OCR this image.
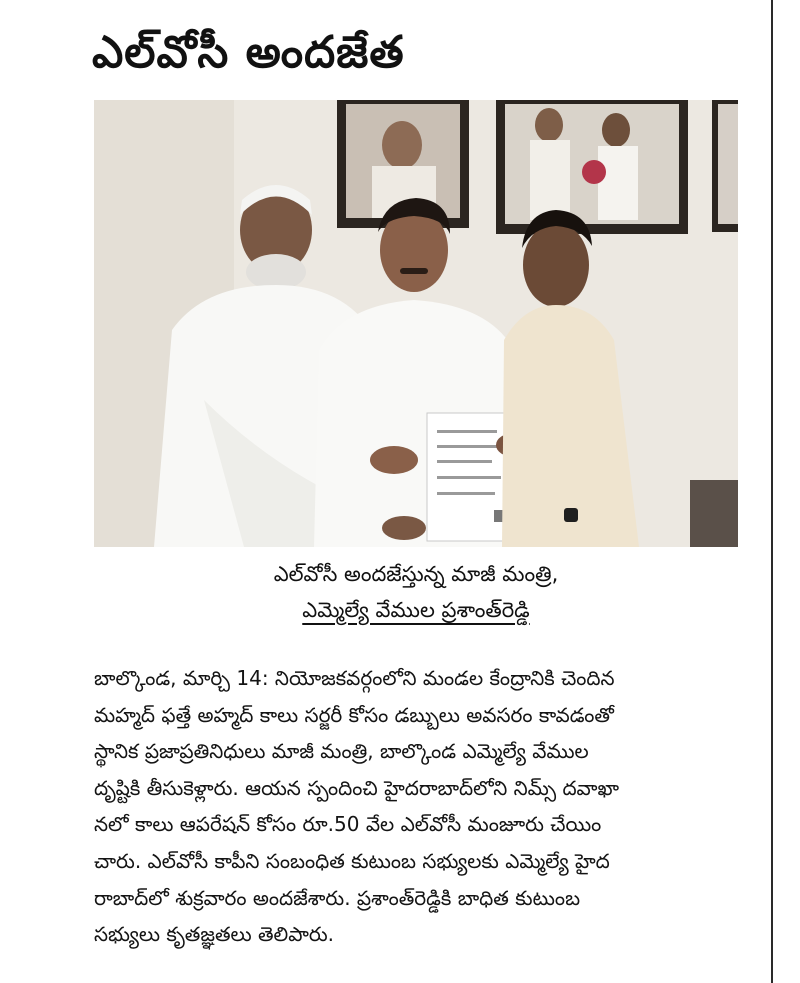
ఎల్‌వోసీ అందజేత
ఎల్‌వోసీ అందజేస్తున్న మాజీ మంత్రి,
ఎమ్మెల్యే వేముల ప్రశాంత్‌రెడ్డి
బాల్కొండ, మార్చి 14: నియోజకవర్గంలోని మండల కేంద్రానికి చెందిన
మహ్మద్ ఫత్తే అహ్మద్ కాలు సర్జరీ కోసం డబ్బులు అవసరం కావడంతో
స్థానిక ప్రజాప్రతినిధులు మాజీ మంత్రి, బాల్కొండ ఎమ్మెల్యే వేముల
దృష్టికి తీసుకెళ్లారు. ఆయన స్పందించి హైదరాబాద్‌లోని నిమ్స్ దవాఖా
నలో కాలు ఆపరేషన్ కోసం రూ.50 వేల ఎల్‌వోసీ మంజూరు చేయిం
చారు. ఎల్‌వోసీ కాపీని సంబంధిత కుటుంబ సభ్యులకు ఎమ్మెల్యే హైద
రాబాద్‌లో శుక్రవారం అందజేశారు. ప్రశాంత్‌రెడ్డికి బాధిత కుటుంబ
సభ్యులు కృతజ్ఞతలు తెలిపారు.
